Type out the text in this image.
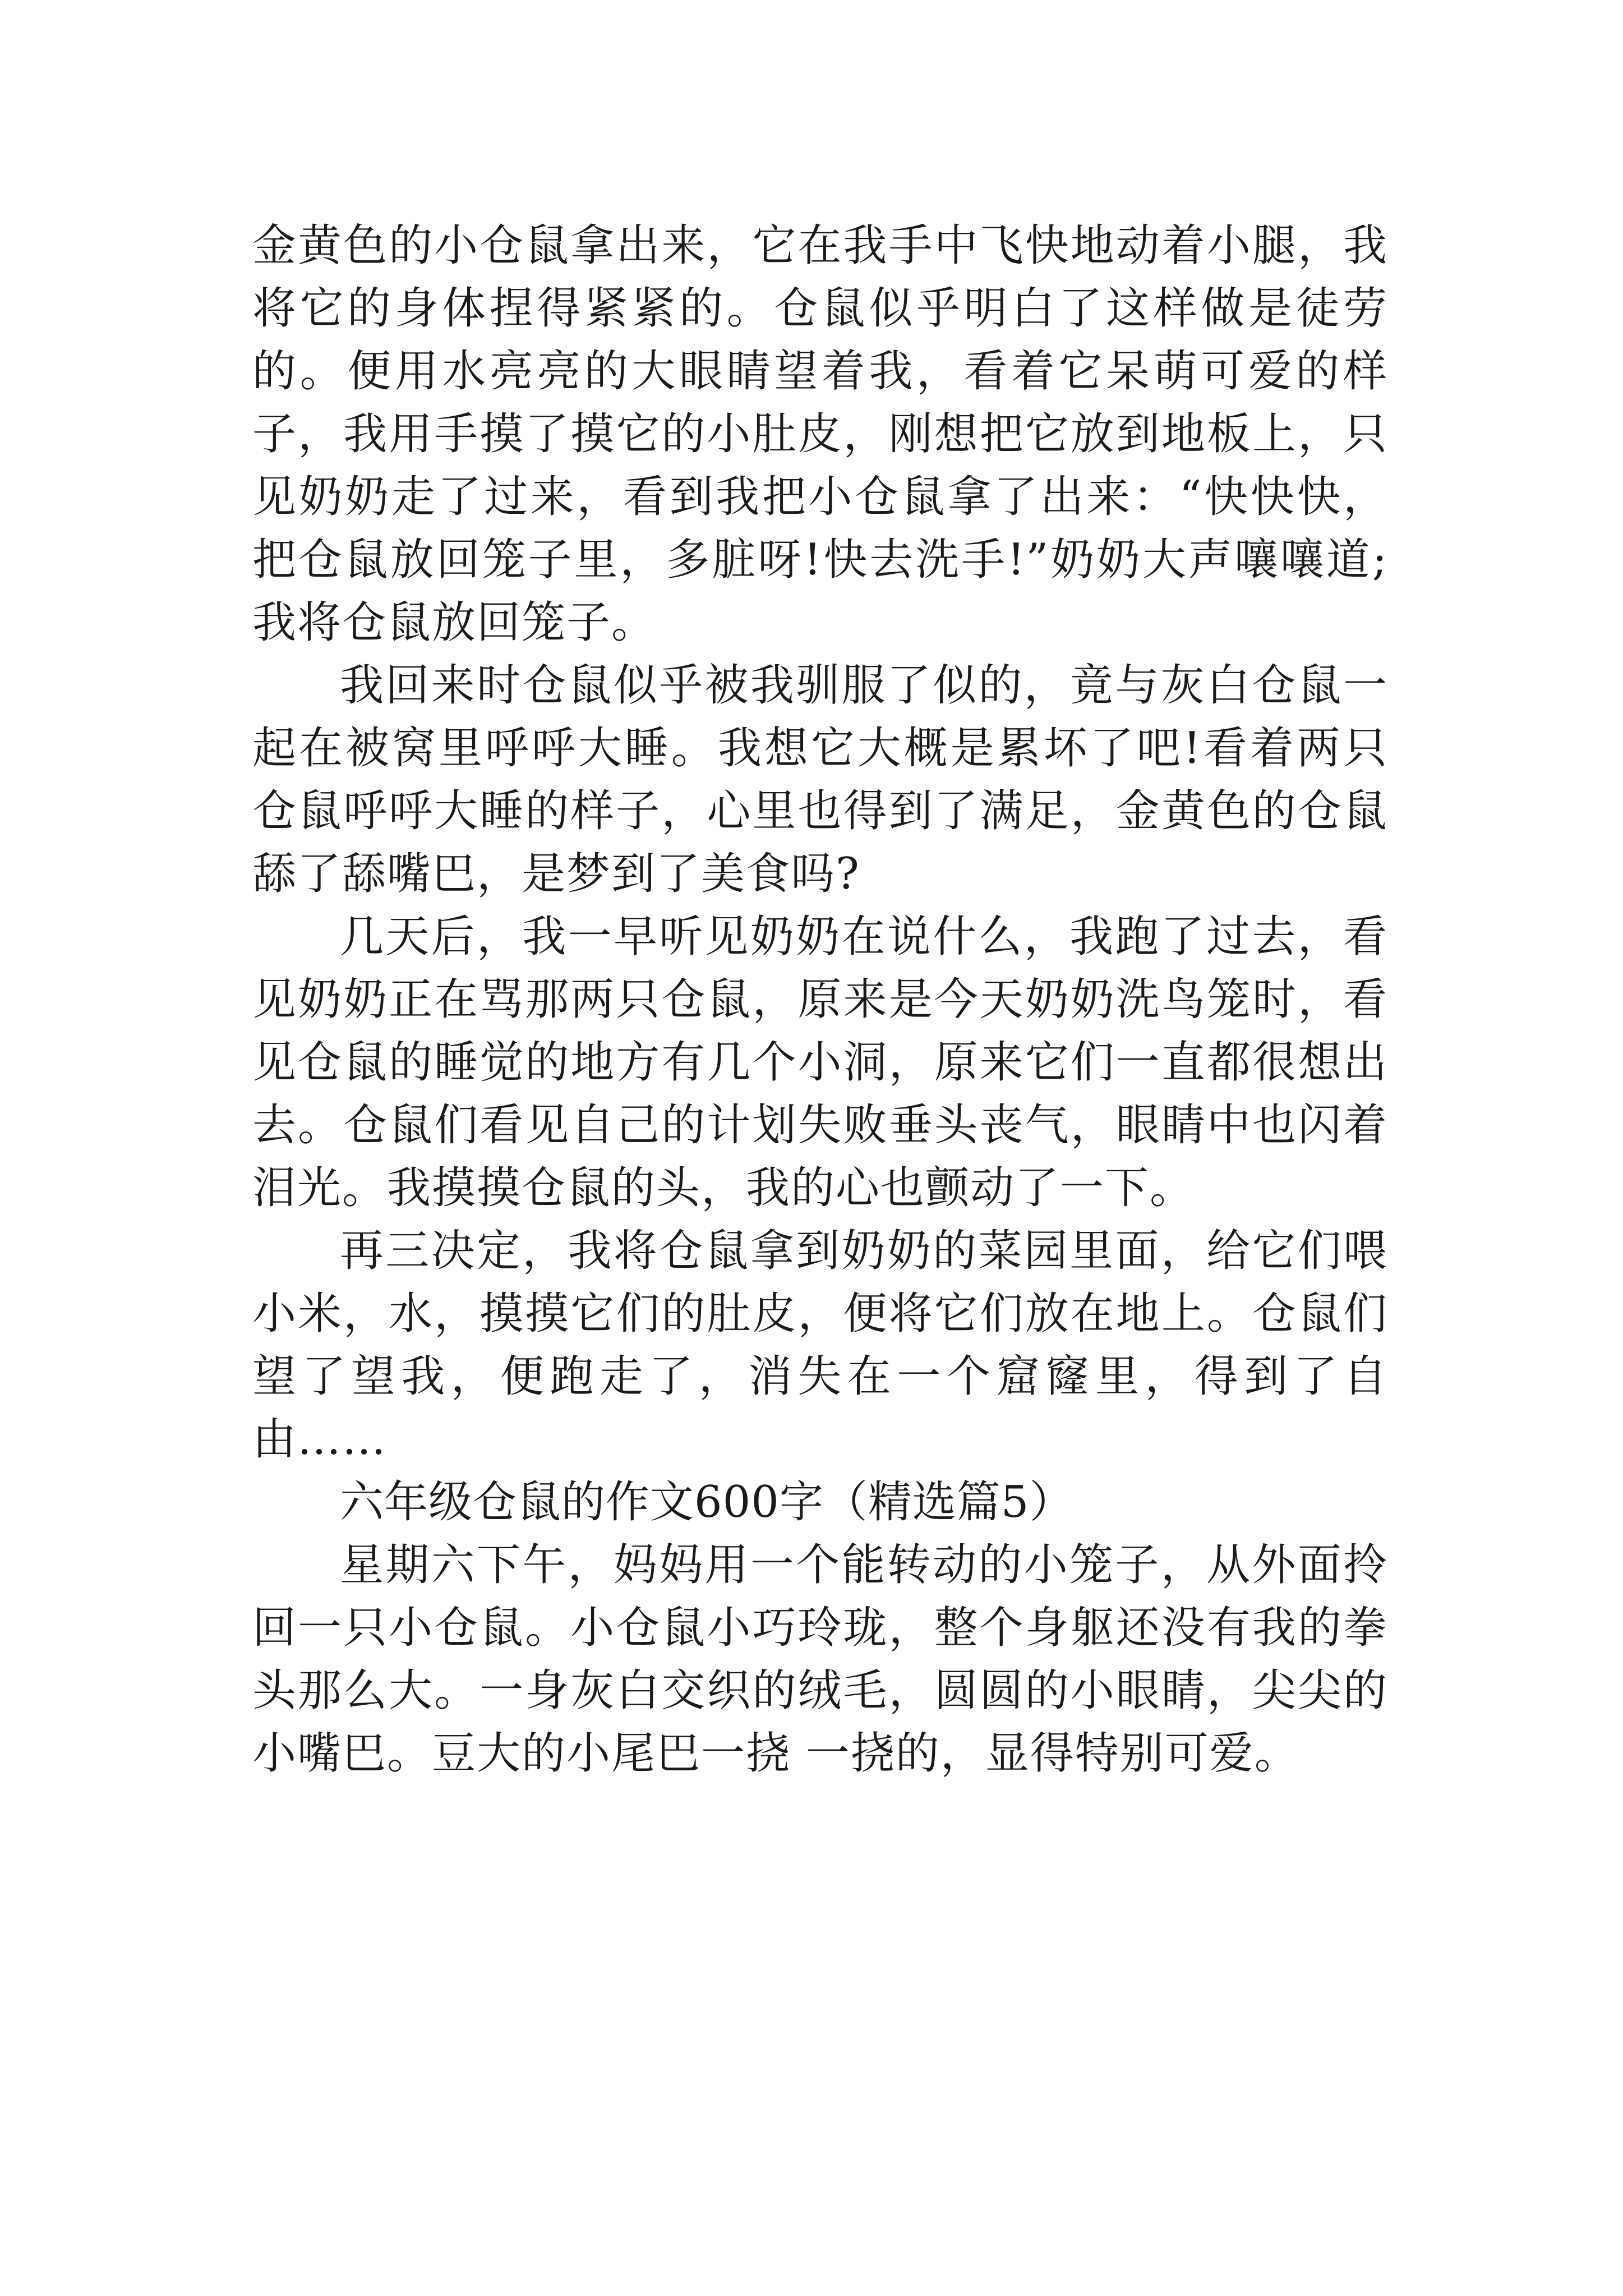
金黄色的小仓鼠拿出来，它在我手中飞快地动着小腿，我将它的身体捏得紧紧的。仓鼠似乎明白了这样做是徒劳的。便用水亮亮的大眼睛望着我，看着它呆萌可爱的样子，我用手摸了摸它的小肚皮，刚想把它放到地板上，只见奶奶走了过来，看到我把小仓鼠拿了出来：“快快快，把仓鼠放回笼子里，多脏呀!快去洗手!”奶奶大声嚷嚷道;我将仓鼠放回笼子。

我回来时仓鼠似乎被我驯服了似的，竟与灰白仓鼠一起在被窝里呼呼大睡。我想它大概是累坏了吧!看着两只仓鼠呼呼大睡的样子，心里也得到了满足，金黄色的仓鼠舔了舔嘴巴，是梦到了美食吗?

几天后，我一早听见奶奶在说什么，我跑了过去，看见奶奶正在骂那两只仓鼠，原来是今天奶奶洗鸟笼时，看见仓鼠的睡觉的地方有几个小洞，原来它们一直都很想出去。仓鼠们看见自己的计划失败垂头丧气，眼睛中也闪着泪光。我摸摸仓鼠的头，我的心也颤动了一下。

再三决定，我将仓鼠拿到奶奶的菜园里面，给它们喂小米，水，摸摸它们的肚皮，便将它们放在地上。仓鼠们望了望我，便跑走了，消失在一个窟窿里，得到了自由……

六年级仓鼠的作文600字（精选篇5）

星期六下午，妈妈用一个能转动的小笼子，从外面拎回一只小仓鼠。小仓鼠小巧玲珑，整个身躯还没有我的拳头那么大。一身灰白交织的绒毛，圆圆的小眼睛，尖尖的小嘴巴。豆大的小尾巴一挠 一挠的，显得特别可爱。
